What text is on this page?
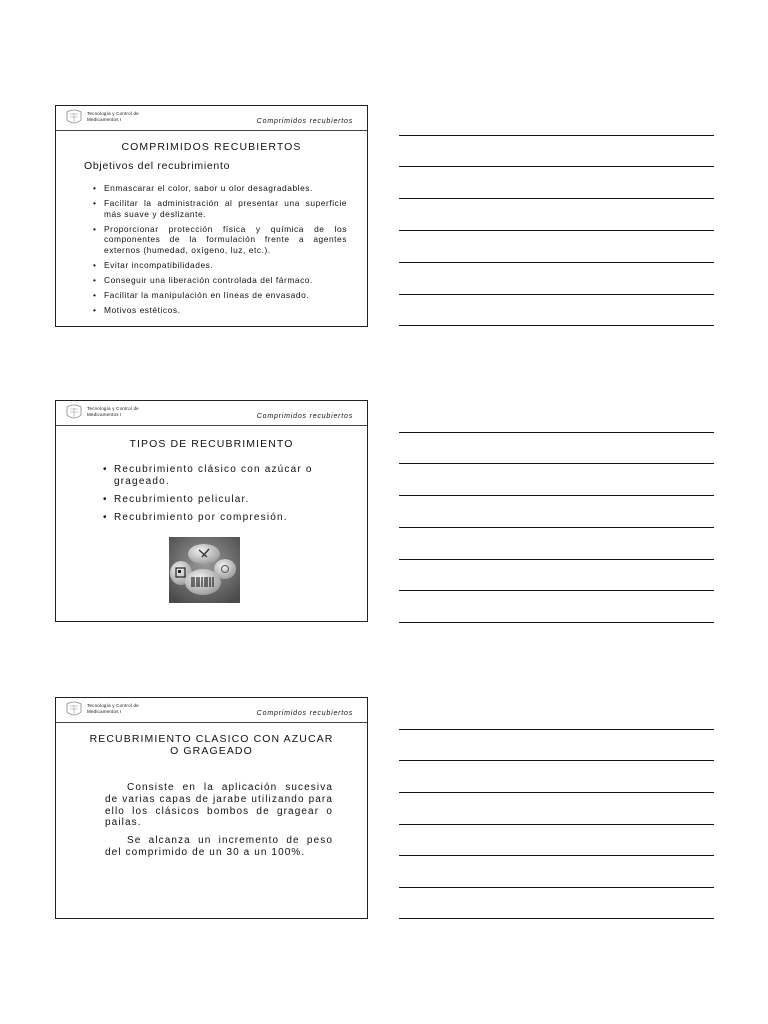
Tecnología y Control de
Medicamentos I	Comprimidos recubiertos
COMPRIMIDOS RECUBIERTOS
Objetivos del recubrimiento
• Enmascarar el color, sabor u olor desagradables.
• Facilitar la administración al presentar una superficie más suave y deslizante.
• Proporcionar protección física y química de los componentes de la formulación frente a agentes externos (humedad, oxígeno, luz, etc.).
• Evitar incompatibilidades.
• Conseguir una liberación controlada del fármaco.
• Facilitar la manipulación en líneas de envasado.
• Motivos estéticos.
Tecnología y Control de
Medicamentos I	Comprimidos recubiertos
TIPOS DE RECUBRIMIENTO
• Recubrimiento clásico con azúcar o grageado.
• Recubrimiento pelicular.
• Recubrimiento por compresión.
Tecnología y Control de
Medicamentos I	Comprimidos recubiertos
RECUBRIMIENTO CLASICO CON AZUCAR
O GRAGEADO
Consiste en la aplicación sucesiva de varias capas de jarabe utilizando para ello los clásicos bombos de gragear o pailas.
Se alcanza un incremento de peso del comprimido de un 30 a un 100%.
